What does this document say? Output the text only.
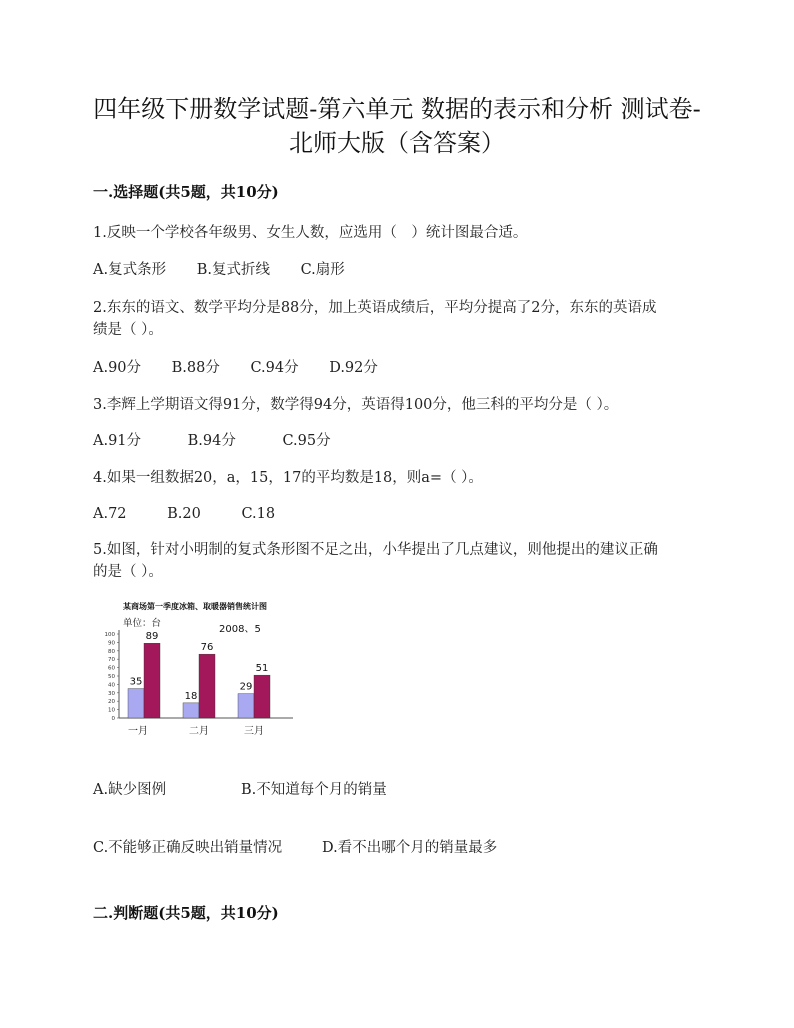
四年级下册数学试题-第六单元 数据的表示和分析 测试卷-
北师大版（含答案）
一.选择题(共5题，共10分)
1.反映一个学校各年级男、女生人数，应选用（　）统计图最合适。
A.复式条形 B.复式折线 C.扇形
2.东东的语文、数学平均分是88分，加上英语成绩后，平均分提高了2分，东东的英语成
绩是（ ）。
A.90分 B.88分 C.94分 D.92分
3.李辉上学期语文得91分，数学得94分，英语得100分，他三科的平均分是（ ）。
A.91分	B.94分	C.95分
4.如果一组数据20，a，15，17的平均数是18，则a=（ ）。
A.72	B.20	C.18
5.如图，针对小明制的复式条形图不足之出，小华提出了几点建议，则他提出的建议正确
的是（ ）。
某商场第一季度冰箱、取暖器销售统计图
单位：台
2008、5
0
10
20
30
40
50
60
70
80
90
100
35
89
18
76
29
51
一月	二月	三月
A.缺少图例	B.不知道每个月的销量
C.不能够正确反映出销量情况	D.看不出哪个月的销量最多
二.判断题(共5题，共10分)
